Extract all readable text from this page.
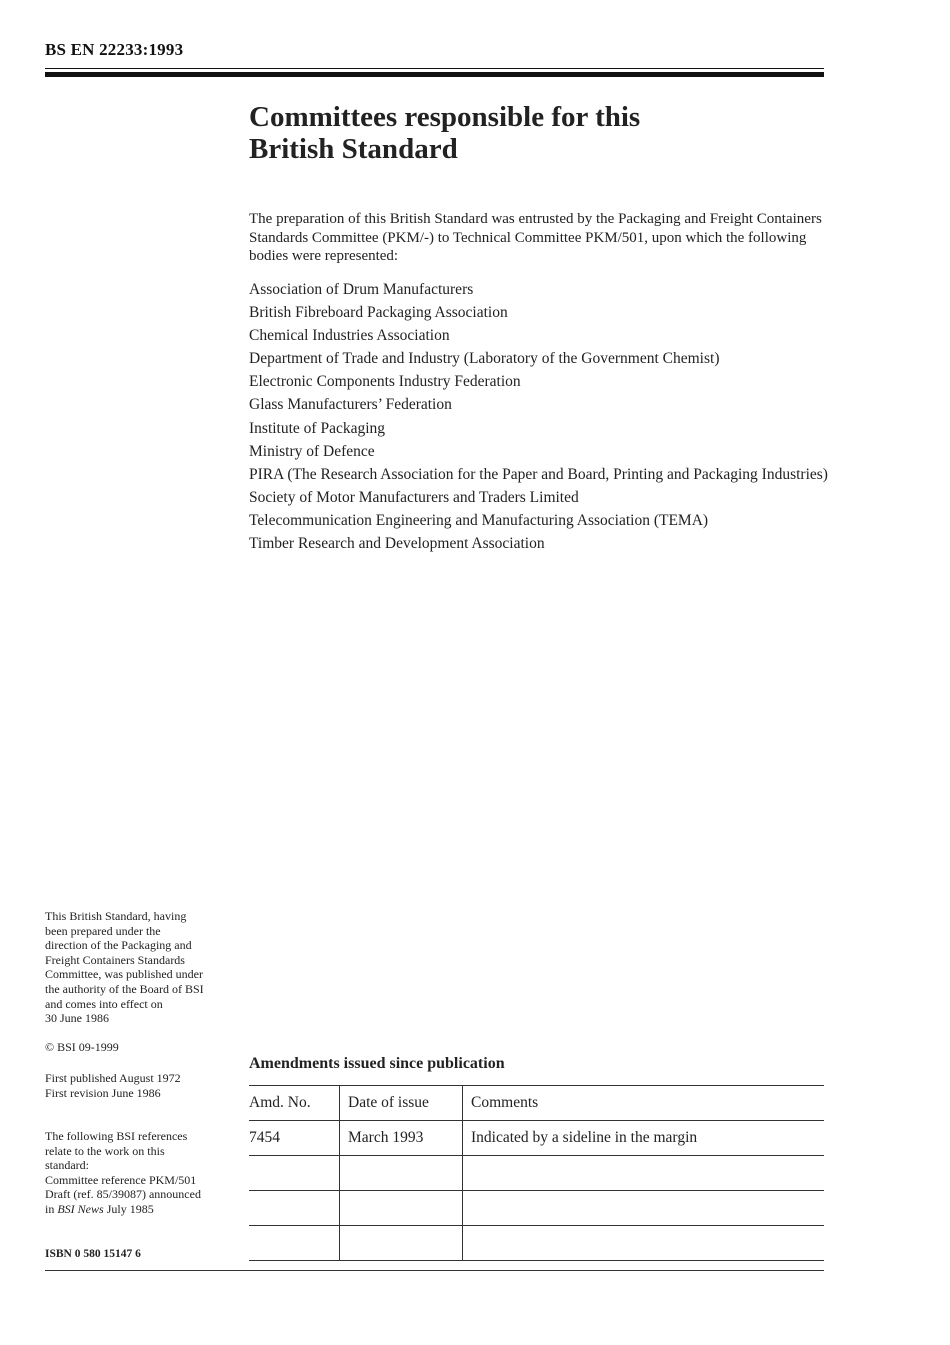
BS EN 22233:1993
Committees responsible for this
British Standard

The preparation of this British Standard was entrusted by the Packaging and Freight Containers Standards Committee (PKM/-) to Technical Committee PKM/501, upon which the following bodies were represented:

Association of Drum Manufacturers
British Fibreboard Packaging Association
Chemical Industries Association
Department of Trade and Industry (Laboratory of the Government Chemist)
Electronic Components Industry Federation
Glass Manufacturers’ Federation
Institute of Packaging
Ministry of Defence
PIRA (The Research Association for the Paper and Board, Printing and Packaging Industries)
Society of Motor Manufacturers and Traders Limited
Telecommunication Engineering and Manufacturing Association (TEMA)
Timber Research and Development Association
This British Standard, having
been prepared under the
direction of the Packaging and
Freight Containers Standards
Committee, was published under
the authority of the Board of BSI
and comes into effect on
30 June 1986
© BSI 09-1999
First published August 1972
First revision June 1986
The following BSI references
relate to the work on this
standard:
Committee reference PKM/501
Draft (ref. 85/39087) announced
in BSI News July 1985
ISBN 0 580 15147 6
Amendments issued since publication
Amd. No.	Date of issue	Comments
7454	March 1993	Indicated by a sideline in the margin
